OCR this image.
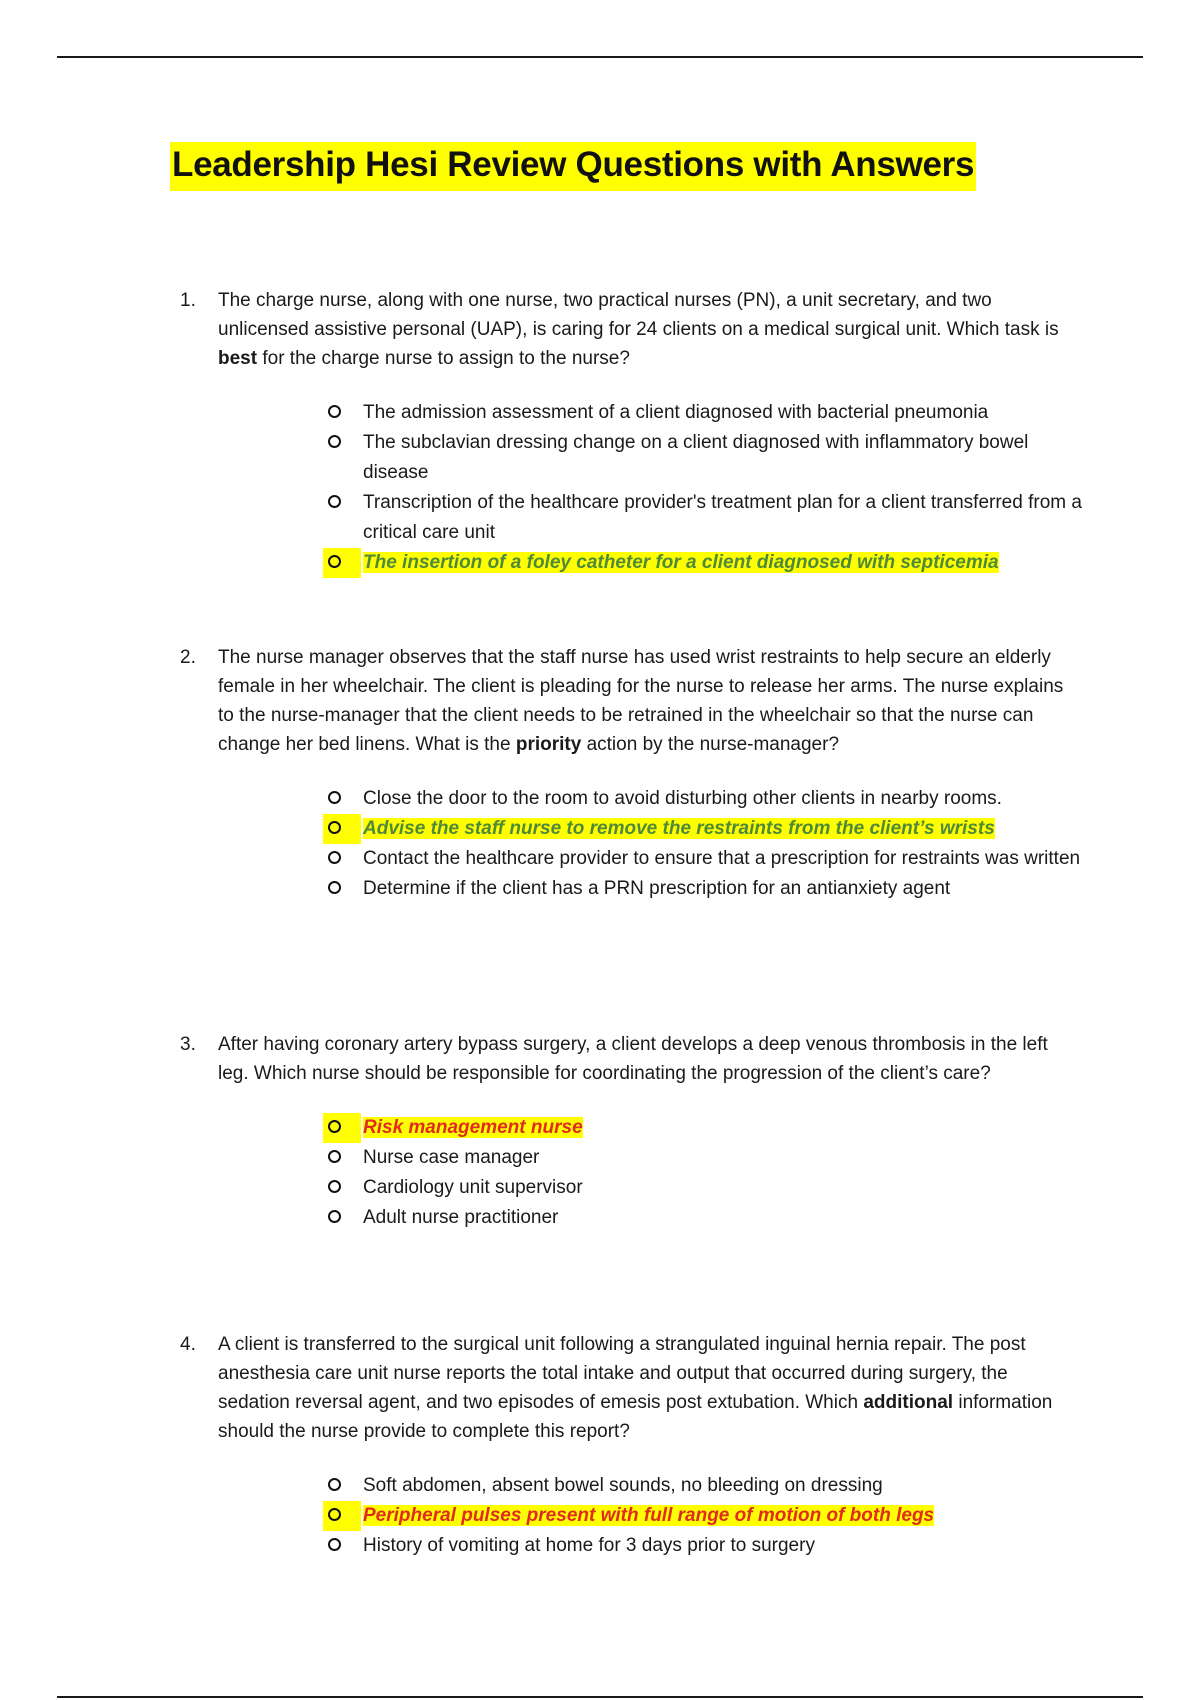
Leadership Hesi Review Questions with Answers

1. The charge nurse, along with one nurse, two practical nurses (PN), a unit secretary, and two unlicensed assistive personal (UAP), is caring for 24 clients on a medical surgical unit. Which task is best for the charge nurse to assign to the nurse?

The admission assessment of a client diagnosed with bacterial pneumonia
The subclavian dressing change on a client diagnosed with inflammatory bowel disease
Transcription of the healthcare provider's treatment plan for a client transferred from a critical care unit
The insertion of a foley catheter for a client diagnosed with septicemia

2. The nurse manager observes that the staff nurse has used wrist restraints to help secure an elderly female in her wheelchair. The client is pleading for the nurse to release her arms. The nurse explains to the nurse-manager that the client needs to be retrained in the wheelchair so that the nurse can change her bed linens. What is the priority action by the nurse-manager?

Close the door to the room to avoid disturbing other clients in nearby rooms.
Advise the staff nurse to remove the restraints from the client’s wrists
Contact the healthcare provider to ensure that a prescription for restraints was written
Determine if the client has a PRN prescription for an antianxiety agent

3. After having coronary artery bypass surgery, a client develops a deep venous thrombosis in the left leg. Which nurse should be responsible for coordinating the progression of the client’s care?

Risk management nurse
Nurse case manager
Cardiology unit supervisor
Adult nurse practitioner

4. A client is transferred to the surgical unit following a strangulated inguinal hernia repair. The post anesthesia care unit nurse reports the total intake and output that occurred during surgery, the sedation reversal agent, and two episodes of emesis post extubation. Which additional information should the nurse provide to complete this report?

Soft abdomen, absent bowel sounds, no bleeding on dressing
Peripheral pulses present with full range of motion of both legs
History of vomiting at home for 3 days prior to surgery
